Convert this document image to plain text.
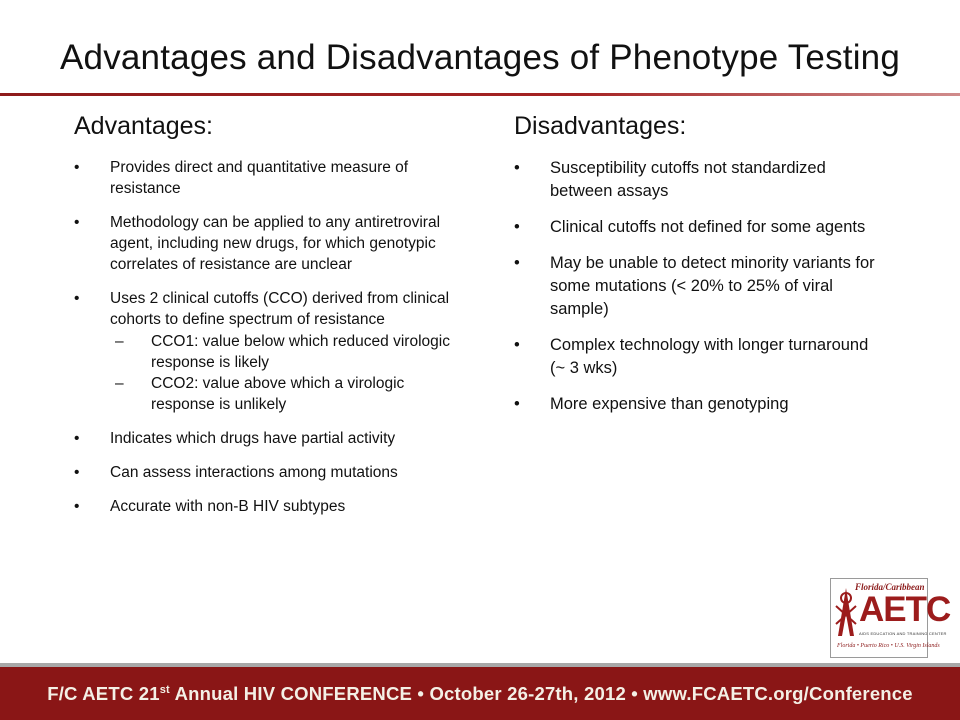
Advantages and Disadvantages of Phenotype Testing
Advantages:
• Provides direct and quantitative measure of resistance
• Methodology can be applied to any antiretroviral agent, including new drugs, for which genotypic correlates of resistance are unclear
• Uses 2 clinical cutoffs (CCO) derived from clinical cohorts to define spectrum of resistance
– CCO1: value below which reduced virologic response is likely
– CCO2: value above which a virologic response is unlikely
• Indicates which drugs have partial activity
• Can assess interactions among mutations
• Accurate with non-B HIV subtypes
Disadvantages:
• Susceptibility cutoffs not standardized between assays
• Clinical cutoffs not defined for some agents
• May be unable to detect minority variants for some mutations (< 20% to 25% of viral sample)
• Complex technology with longer turnaround (~ 3 wks)
• More expensive than genotyping
Florida/Caribbean
AETC
AIDS EDUCATION AND TRAINING CENTER
Florida • Puerto Rico • U.S. Virgin Islands
F/C AETC 21st Annual HIV CONFERENCE • October 26-27th, 2012 • www.FCAETC.org/Conference
